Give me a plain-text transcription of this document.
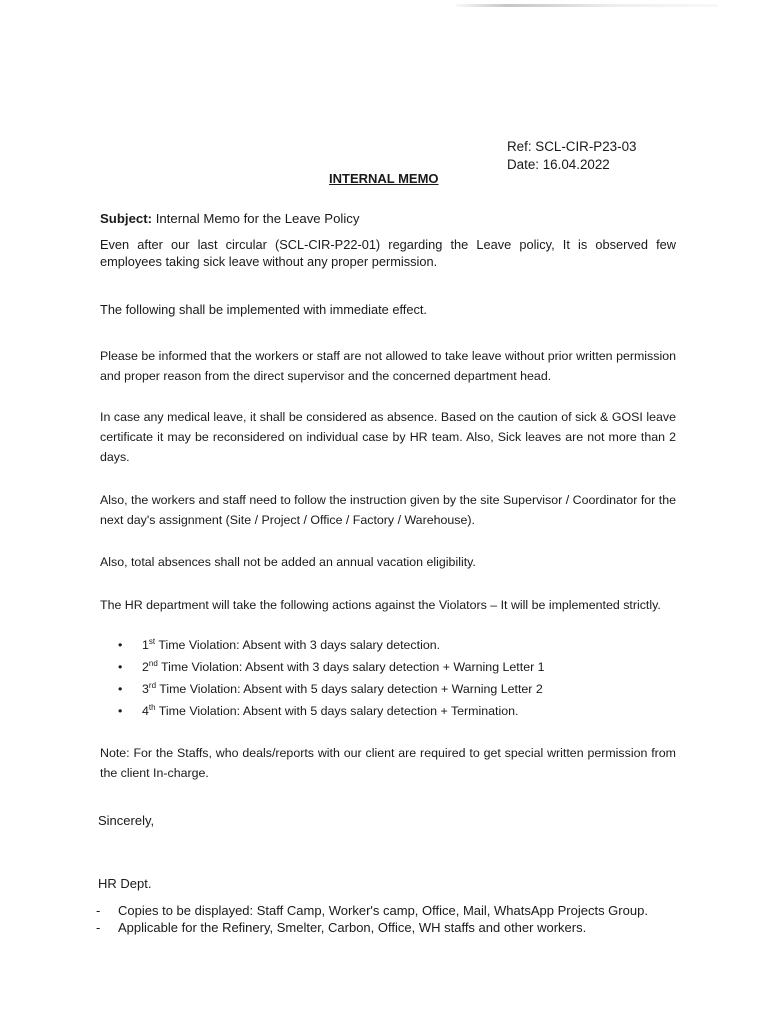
Ref: SCL-CIR-P23-03
Date: 16.04.2022
INTERNAL MEMO
Subject: Internal Memo for the Leave Policy
Even after our last circular (SCL-CIR-P22-01) regarding the Leave policy, It is observed few employees taking sick leave without any proper permission.
The following shall be implemented with immediate effect.
Please be informed that the workers or staff are not allowed to take leave without prior written permission and proper reason from the direct supervisor and the concerned department head.
In case any medical leave, it shall be considered as absence. Based on the caution of sick & GOSI leave certificate it may be reconsidered on individual case by HR team. Also, Sick leaves are not more than 2 days.
Also, the workers and staff need to follow the instruction given by the site Supervisor / Coordinator for the next day's assignment (Site / Project / Office / Factory / Warehouse).
Also, total absences shall not be added an annual vacation eligibility.
The HR department will take the following actions against the Violators – It will be implemented strictly.
• 1st Time Violation: Absent with 3 days salary detection.
• 2nd Time Violation: Absent with 3 days salary detection + Warning Letter 1
• 3rd Time Violation: Absent with 5 days salary detection + Warning Letter 2
• 4th Time Violation: Absent with 5 days salary detection + Termination.
Note: For the Staffs, who deals/reports with our client are required to get special written permission from the client In-charge.
Sincerely,
HR Dept.
- Copies to be displayed: Staff Camp, Worker's camp, Office, Mail, WhatsApp Projects Group.
- Applicable for the Refinery, Smelter, Carbon, Office, WH staffs and other workers.
